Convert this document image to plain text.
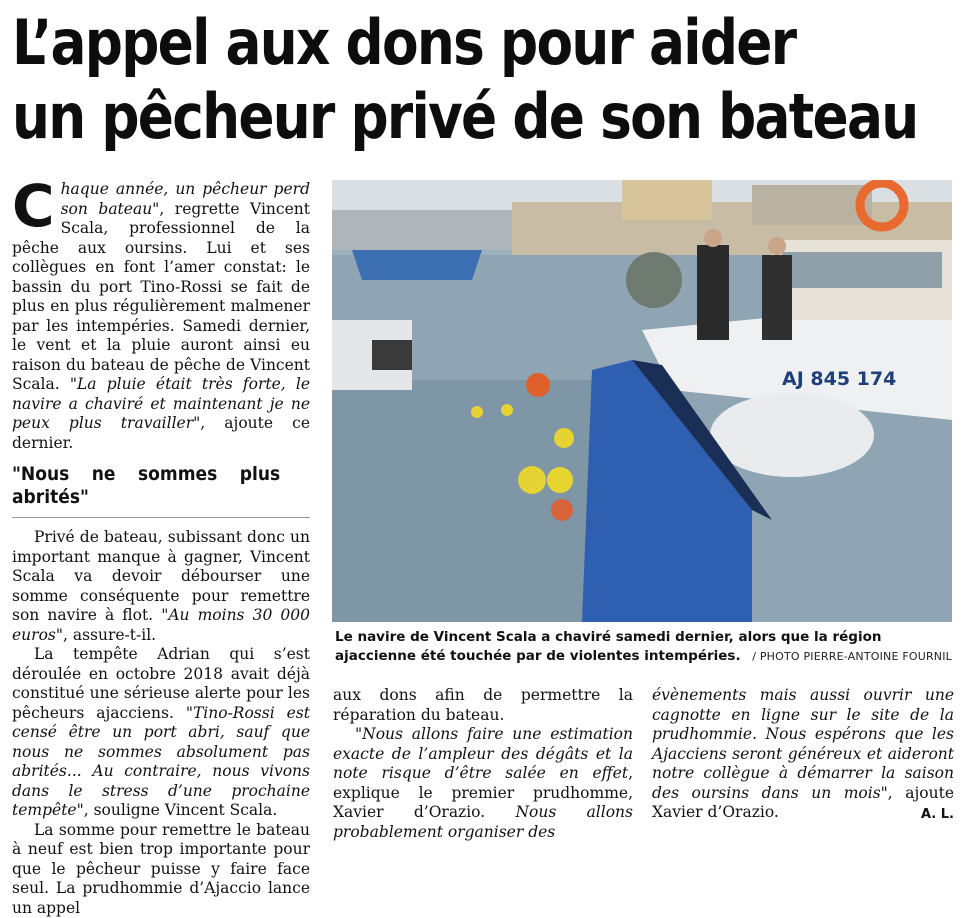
L’appel aux dons pour aider
un pêcheur privé de son bateau

Chaque année, un pêcheur perd son bateau", regrette Vincent Scala, professionnel de la pêche aux oursins. Lui et ses collègues en font l’amer constat: le bassin du port Tino-Rossi se fait de plus en plus régulièrement malmener par les intempéries. Samedi dernier, le vent et la pluie auront ainsi eu raison du bateau de pêche de Vincent Scala. "La pluie était très forte, le navire a chaviré et maintenant je ne peux plus travailler", ajoute ce dernier.

"Nous ne sommes plus abrités"

Privé de bateau, subissant donc un important manque à gagner, Vincent Scala va devoir débourser une somme conséquente pour remettre son navire à flot. "Au moins 30 000 euros", assure-t-il.

La tempête Adrian qui s’est déroulée en octobre 2018 avait déjà constitué une sérieuse alerte pour les pêcheurs ajacciens. "Tino-Rossi est censé être un port abri, sauf que nous ne sommes absolument pas abrités... Au contraire, nous vivons dans le stress d’une prochaine tempête", souligne Vincent Scala.

La somme pour remettre le bateau à neuf est bien trop importante pour que le pêcheur puisse y faire face seul. La prudhommie d’Ajaccio lance un appel

AJ 845 174
Le navire de Vincent Scala a chaviré samedi dernier, alors que la région ajaccienne été touchée par de violentes intempéries.	/ PHOTO PIERRE-ANTOINE FOURNIL

aux dons afin de permettre la réparation du bateau.

"Nous allons faire une estimation exacte de l’ampleur des dégâts et la note risque d’être salée en effet, explique le premier prudhomme, Xavier d’Orazio. Nous allons probablement organiser des

évènements mais aussi ouvrir une cagnotte en ligne sur le site de la prudhommie. Nous espérons que les Ajacciens seront généreux et aideront notre collègue à démarrer la saison des oursins dans un mois", ajoute Xavier d’Orazio.	A. L.
